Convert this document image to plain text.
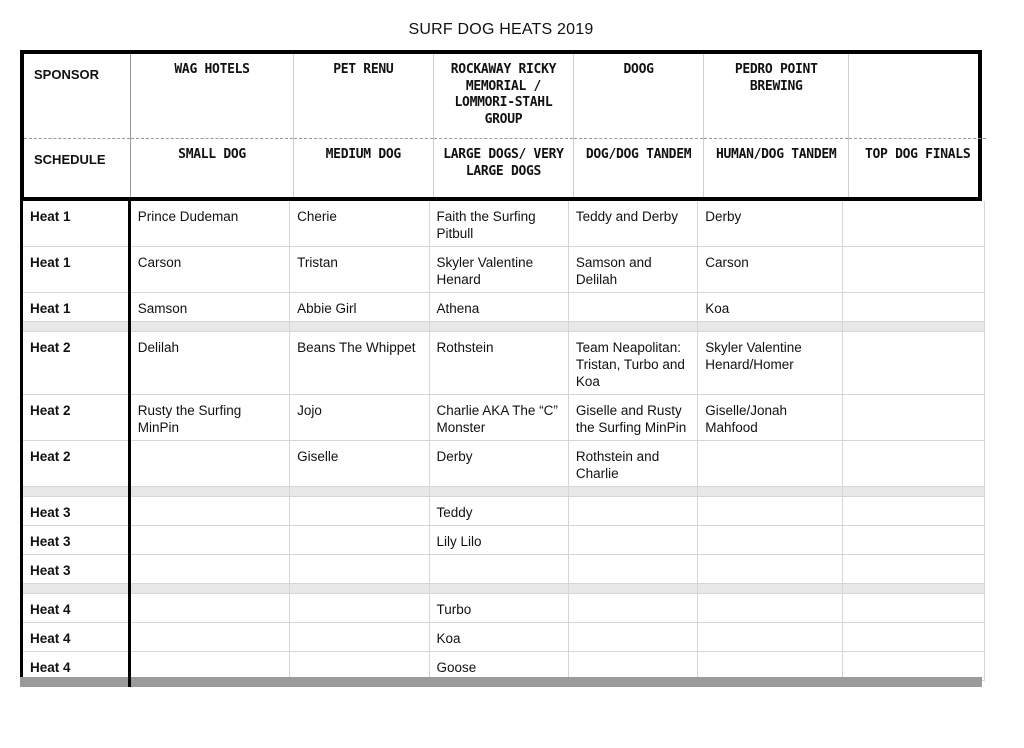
SURF DOG HEATS 2019
SPONSOR	WAG HOTELS	PET RENU	ROCKAWAY RICKY MEMORIAL / LOMMORI-STAHL GROUP	DOOG	PEDRO POINT BREWING	
SCHEDULE	SMALL DOG	MEDIUM DOG	LARGE DOGS/ VERY LARGE DOGS	DOG/DOG TANDEM	HUMAN/DOG TANDEM	TOP DOG FINALS
Heat 1	Prince Dudeman	Cherie	Faith the Surfing Pitbull	Teddy and Derby	Derby	
Heat 1	Carson	Tristan	Skyler Valentine Henard	Samson and Delilah	Carson	
Heat 1	Samson	Abbie Girl	Athena		Koa	

Heat 2	Delilah	Beans The Whippet	Rothstein	Team Neapolitan: Tristan, Turbo and Koa	Skyler Valentine Henard/Homer	
Heat 2	Rusty the Surfing MinPin	Jojo	Charlie AKA The “C” Monster	Giselle and Rusty the Surfing MinPin	Giselle/Jonah Mahfood	
Heat 2		Giselle	Derby	Rothstein and Charlie		

Heat 3			Teddy			
Heat 3			Lily Lilo			
Heat 3						

Heat 4			Turbo			
Heat 4			Koa			
Heat 4			Goose			
